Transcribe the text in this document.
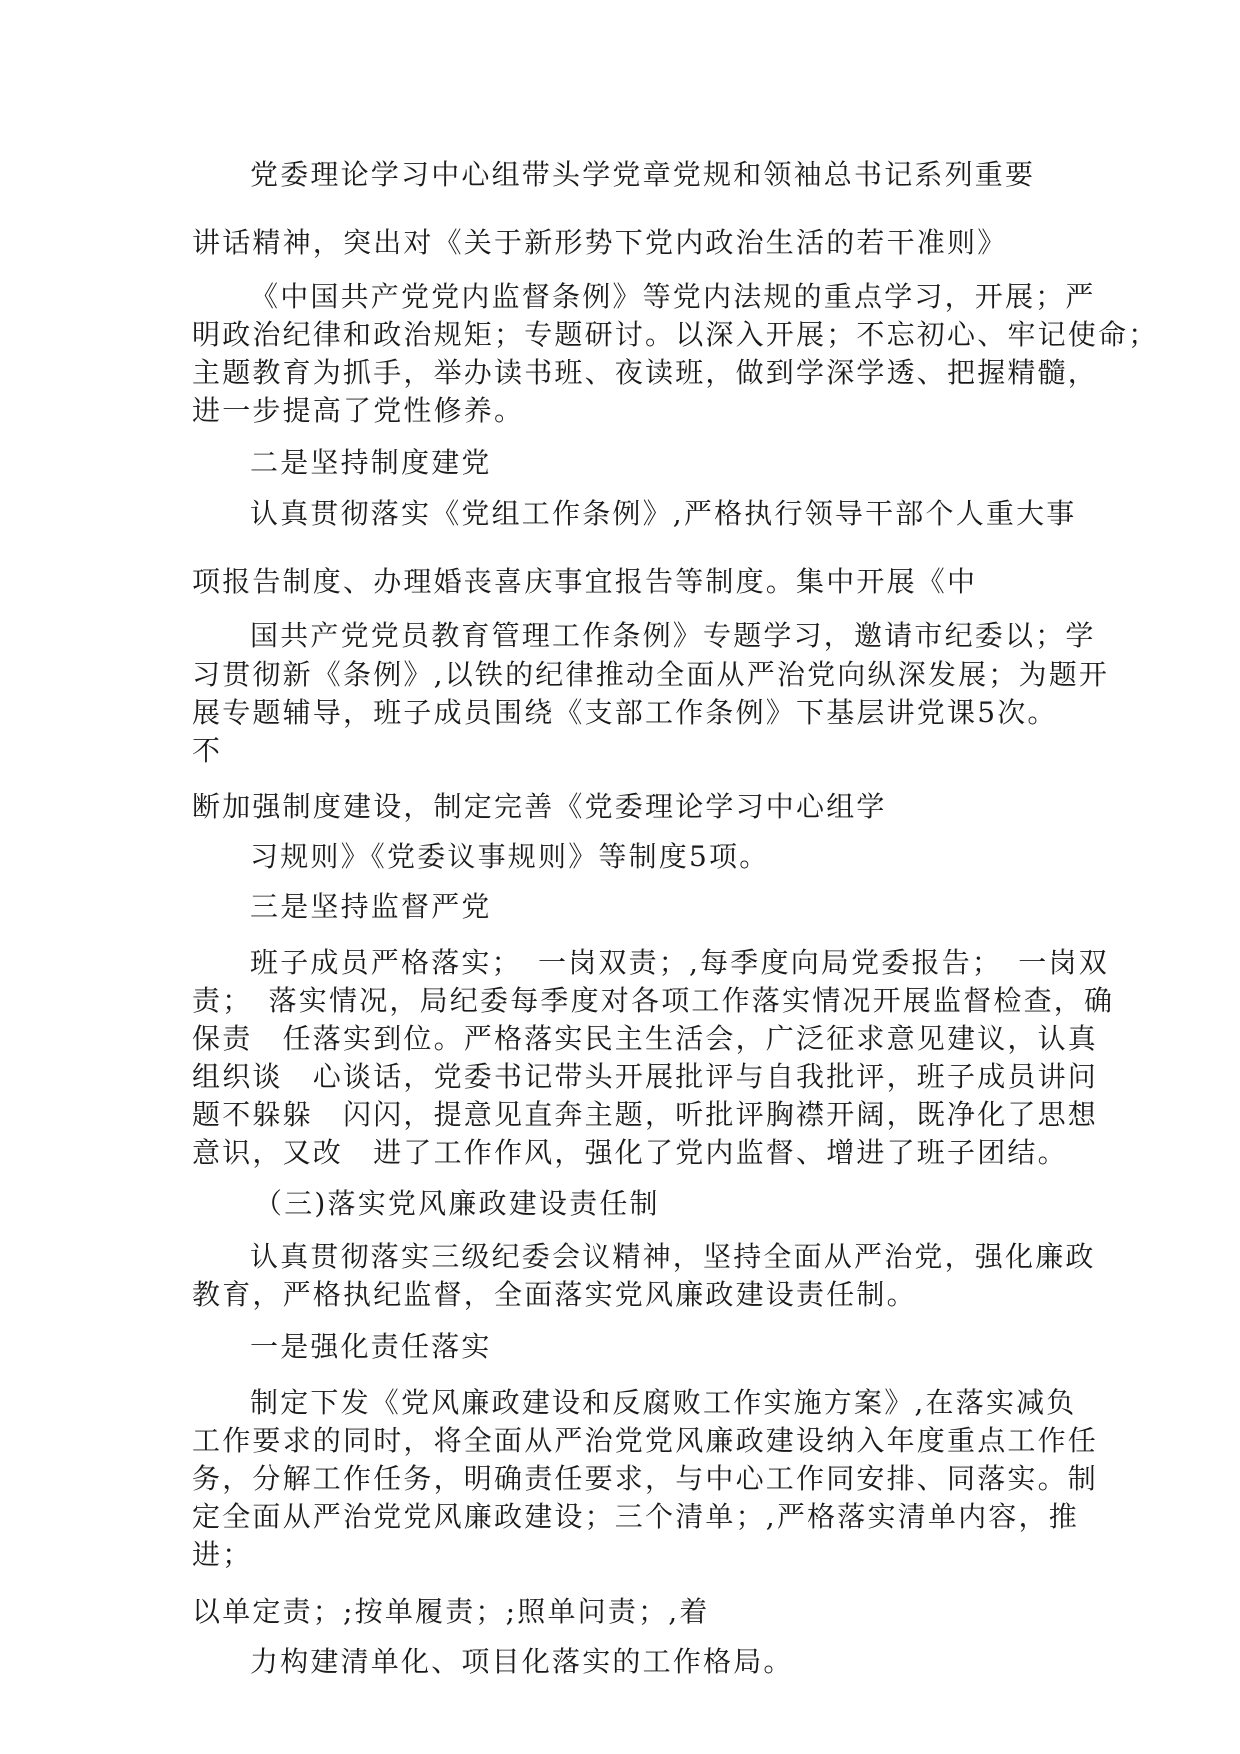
党委理论学习中心组带头学党章党规和领袖总书记系列重要
讲话精神，突出对《关于新形势下党内政治生活的若干准则》
《中国共产党党内监督条例》等党内法规的重点学习，开展；严
明政治纪律和政治规矩；专题研讨。以深入开展；不忘初心、牢记使命；
主题教育为抓手，举办读书班、夜读班，做到学深学透、把握精髓，
进一步提高了党性修养。
二是坚持制度建党
认真贯彻落实《党组工作条例》,严格执行领导干部个人重大事
项报告制度、办理婚丧喜庆事宜报告等制度。集中开展《中
国共产党党员教育管理工作条例》专题学习，邀请市纪委以；学
习贯彻新《条例》,以铁的纪律推动全面从严治党向纵深发展；为题开
展专题辅导，班子成员围绕《支部工作条例》下基层讲党课5次。
不
断加强制度建设，制定完善《党委理论学习中心组学
习规则》《党委议事规则》等制度5项。
三是坚持监督严党
班子成员严格落实；　一岗双责；,每季度向局党委报告；　一岗双
责；　落实情况，局纪委每季度对各项工作落实情况开展监督检查，确
保责　任落实到位。严格落实民主生活会，广泛征求意见建议，认真
组织谈　心谈话，党委书记带头开展批评与自我批评，班子成员讲问
题不躲躲　闪闪，提意见直奔主题，听批评胸襟开阔，既净化了思想
意识，又改　进了工作作风，强化了党内监督、增进了班子团结。
（三)落实党风廉政建设责任制
认真贯彻落实三级纪委会议精神，坚持全面从严治党，强化廉政
教育，严格执纪监督，全面落实党风廉政建设责任制。
一是强化责任落实
制定下发《党风廉政建设和反腐败工作实施方案》,在落实减负
工作要求的同时，将全面从严治党党风廉政建设纳入年度重点工作任
务，分解工作任务，明确责任要求，与中心工作同安排、同落实。制
定全面从严治党党风廉政建设；三个清单；,严格落实清单内容，推
进；
以单定责；;按单履责；;照单问责；,着
力构建清单化、项目化落实的工作格局。
